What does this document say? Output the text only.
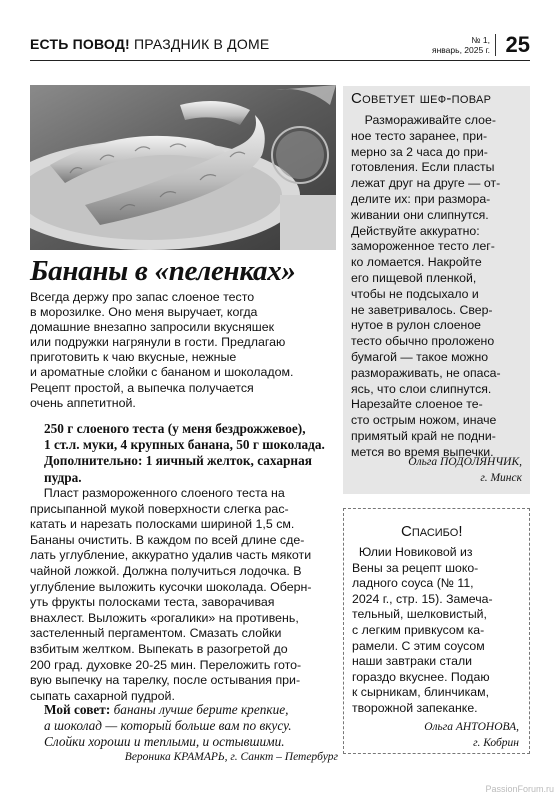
ЕСТЬ ПОВОД! ПРАЗДНИК В ДОМЕ	№ 1,
январь, 2025 г. 25
Бананы в «пеленках»
Всегда держу про запас слоеное тесто
в морозилке. Оно меня выручает, когда
домашние внезапно запросили вкусняшек
или подружки нагрянули в гости. Предлагаю
приготовить к чаю вкусные, нежные
и ароматные слойки с бананом и шоколадом.
Рецепт простой, а выпечка получается
очень аппетитной.
250 г слоеного теста (у меня бездрожжевое),
1 ст.л. муки, 4 крупных банана, 50 г шоколада.
Дополнительно: 1 яичный желток, сахарная
пудра.
Пласт размороженного слоеного теста на
присыпанной мукой поверхности слегка рас-
катать и нарезать полосками шириной 1,5 см.
Бананы очистить. В каждом по всей длине сде-
лать углубление, аккуратно удалив часть мякоти
чайной ложкой. Должна получиться лодочка. В
углубление выложить кусочки шоколада. Оберн-
уть фрукты полосками теста, заворачивая
внахлест. Выложить «рогалики» на противень,
застеленный пергаментом. Смазать слойки
взбитым желтком. Выпекать в разогретой до
200 град. духовке 20-25 мин. Переложить гото-
вую выпечку на тарелку, после остывания при-
сыпать сахарной пудрой.
Мой совет: бананы лучше берите крепкие,
а шоколад — который больше вам по вкусу.
Слойки хороши и теплыми, и остывшими.
Вероника КРАМАРЬ, г. Санкт – Петербург
Советует шеф-повар
Размораживайте слое-
ное тесто заранее, при-
мерно за 2 часа до при-
готовления. Если пласты
лежат друг на друге — от-
делите их: при размора-
живании они слипнутся.
Действуйте аккуратно:
замороженное тесто лег-
ко ломается. Накройте
его пищевой пленкой,
чтобы не подсыхало и
не заветривалось. Свер-
нутое в рулон слоеное
тесто обычно проложено
бумагой — такое можно
размораживать, не опаса-
ясь, что слои слипнутся.
Нарезайте слоеное те-
сто острым ножом, иначе
примятый край не подни-
мется во время выпечки.
Ольга ПОДОЛЯНЧИК,
г. Минск
Спасибо!
Юлии Новиковой из
Вены за рецепт шоко-
ладного соуса (№ 11,
2024 г., стр. 15). Замеча-
тельный, шелковистый,
с легким привкусом ка-
рамели. С этим соусом
наши завтраки стали
гораздо вкуснее. Подаю
к сырникам, блинчикам,
творожной запеканке.
Ольга АНТОНОВА,
г. Кобрин
PassionForum.ru
